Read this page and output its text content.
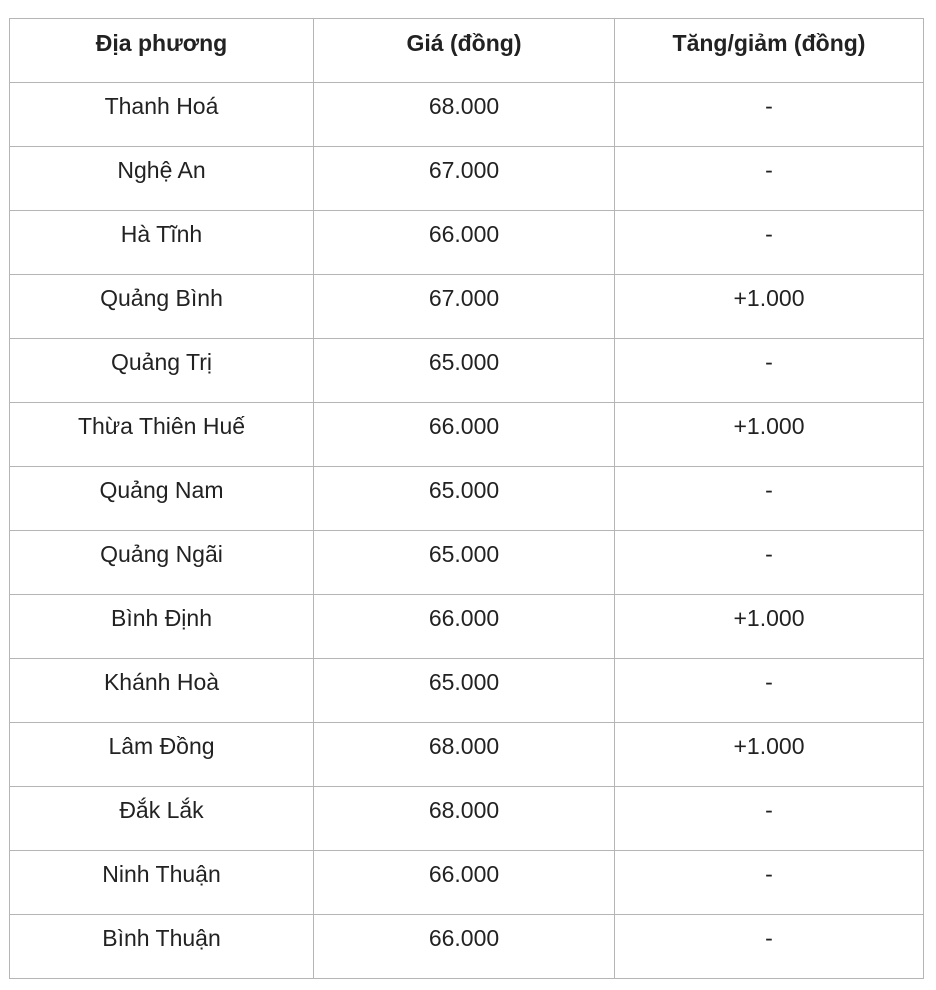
Địa phương	Giá (đồng)	Tăng/giảm (đồng)
Thanh Hoá	68.000	-
Nghệ An	67.000	-
Hà Tĩnh	66.000	-
Quảng Bình	67.000	+1.000
Quảng Trị	65.000	-
Thừa Thiên Huế	66.000	+1.000
Quảng Nam	65.000	-
Quảng Ngãi	65.000	-
Bình Định	66.000	+1.000
Khánh Hoà	65.000	-
Lâm Đồng	68.000	+1.000
Đắk Lắk	68.000	-
Ninh Thuận	66.000	-
Bình Thuận	66.000	-
